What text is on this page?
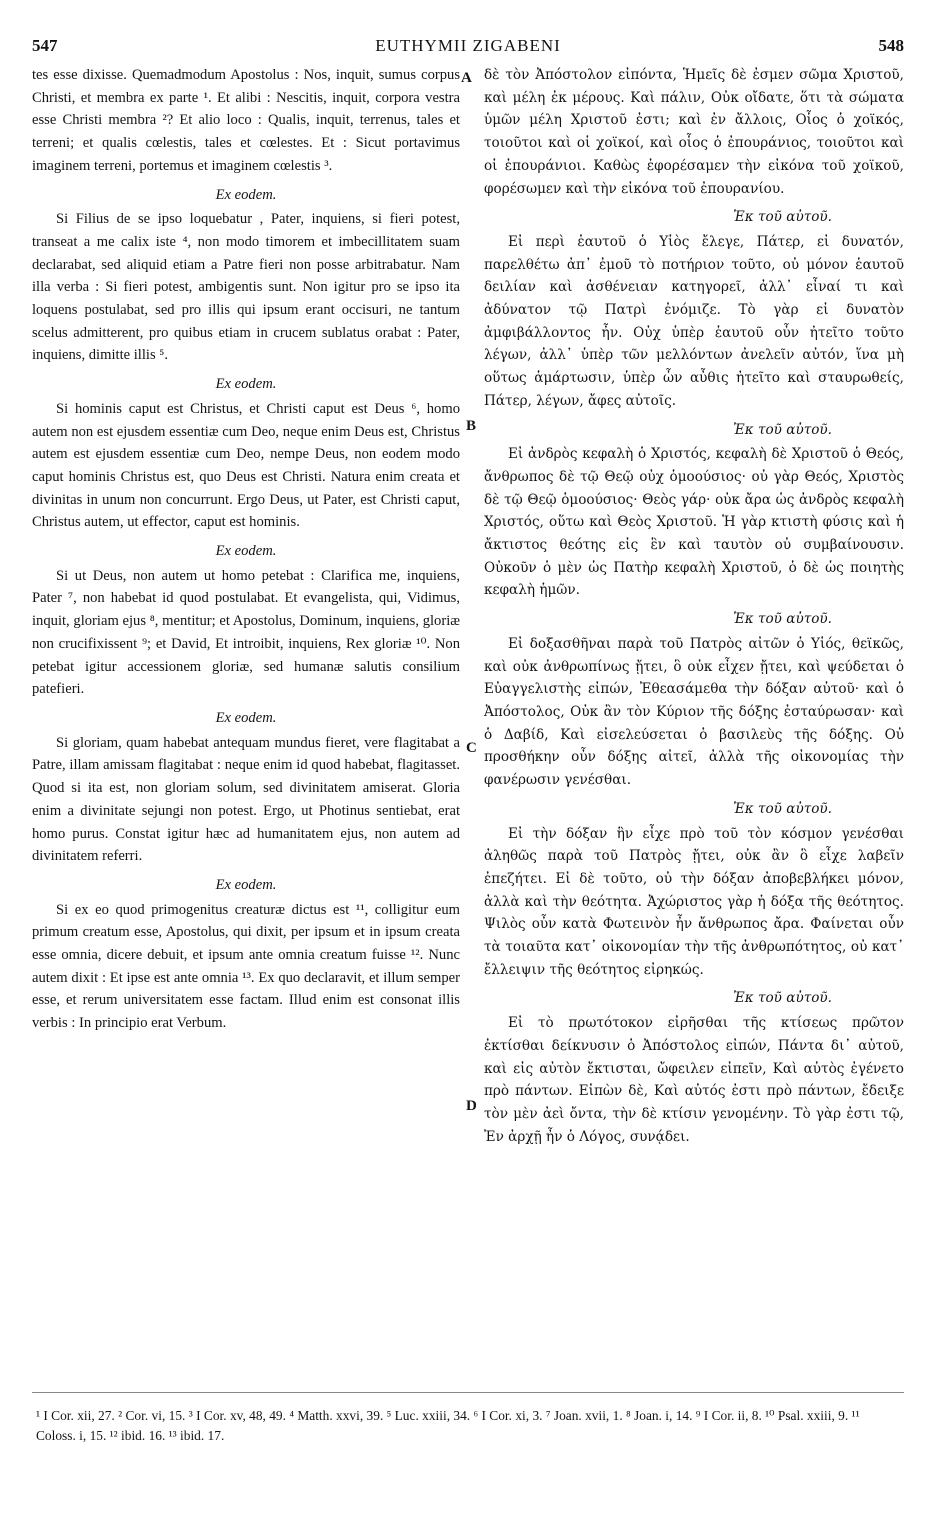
547	EUTHYMII ZIGABENI	548

tes esse dixisse. Quemadmodum Apostolus : Nos, inquit, sumus corpus Christi, et membra ex parte ¹. Et alibi : Nescitis, inquit, corpora vestra esse Christi membra ²? Et alio loco : Qualis, inquit, terrenus, tales et terreni; et qualis cœlestis, tales et cœlestes. Et : Sicut portavimus imaginem terreni, portemus et imaginem cœlestis ³.

Ex eodem.

Si Filius de se ipso loquebatur , Pater, inquiens, si fieri potest, transeat a me calix iste ⁴, non modo timorem et imbecillitatem suam declarabat, sed aliquid etiam a Patre fieri non posse arbitrabatur. Nam illa verba : Si fieri potest, ambigentis sunt. Non igitur pro se ipso ita loquens postulabat, sed pro illis qui ipsum erant occisuri, ne tantum scelus admitterent, pro quibus etiam in crucem sublatus orabat : Pater, inquiens, dimitte illis ⁵.

Ex eodem.

Si hominis caput est Christus, et Christi caput est Deus ⁶, homo autem non est ejusdem essentiæ cum Deo, neque enim Deus est, Christus autem est ejusdem essentiæ cum Deo, nempe Deus, non eodem modo caput hominis Christus est, quo Deus est Christi. Natura enim creata et divinitas in unum non concurrunt. Ergo Deus, ut Pater, est Christi caput, Christus autem, ut effector, caput est hominis.

Ex eodem.

Si ut Deus, non autem ut homo petebat : Clarifica me, inquiens, Pater ⁷, non habebat id quod postulabat. Et evangelista, qui, Vidimus, inquit, gloriam ejus ⁸, mentitur; et Apostolus, Dominum, inquiens, gloriæ non crucifixissent ⁹; et David, Et introibit, inquiens, Rex gloriæ ¹⁰. Non petebat igitur accessionem gloriæ, sed humanæ salutis consilium patefieri.

Ex eodem.

Si gloriam, quam habebat antequam mundus fieret, vere flagitabat a Patre, illam amissam flagitabat : neque enim id quod habebat, flagitasset. Quod si ita est, non gloriam solum, sed divinitatem amiserat. Gloria enim a divinitate sejungi non potest. Ergo, ut Photinus sentiebat, erat homo purus. Constat igitur hæc ad humanitatem ejus, non autem ad divinitatem referri.

Ex eodem.

Si ex eo quod primogenitus creaturæ dictus est ¹¹, colligitur eum primum creatum esse, Apostolus, qui dixit, per ipsum et in ipsum creata esse omnia, dicere debuit, et ipsum ante omnia creatum fuisse ¹². Nunc autem dixit : Et ipse est ante omnia ¹³. Ex quo declaravit, et illum semper esse, et rerum universitatem esse factam. Illud enim est consonat illis verbis : In principio erat Verbum.

δὲ τὸν Ἀπόστολον εἰπόντα, Ἡμεῖς δὲ ἐσμεν σῶμα Χριστοῦ, καὶ μέλη ἐκ μέρους. Καὶ πάλιν, Οὐκ οἴδατε, ὅτι τὰ σώματα ὑμῶν μέλη Χριστοῦ ἐστι; καὶ ἐν ἄλλοις, Οἷος ὁ χοϊκός, τοιοῦτοι καὶ οἱ χοϊκοί, καὶ οἷος ὁ ἐπουράνιος, τοιοῦτοι καὶ οἱ ἐπουράνιοι. Καθὼς ἐφορέσαμεν τὴν εἰκόνα τοῦ χοϊκοῦ, φορέσωμεν καὶ τὴν εἰκόνα τοῦ ἐπουρανίου.

Ἐκ τοῦ αὐτοῦ.

Εἰ περὶ ἑαυτοῦ ὁ Υἱὸς ἔλεγε, Πάτερ, εἰ δυνατόν, παρελθέτω ἀπ᾽ ἐμοῦ τὸ ποτήριον τοῦτο, οὐ μόνον ἑαυτοῦ δειλίαν καὶ ἀσθένειαν κατηγορεῖ, ἀλλ᾽ εἶναί τι καὶ ἀδύνατον τῷ Πατρὶ ἐνόμιζε. Τὸ γὰρ εἰ δυνατὸν ἀμφιβάλλοντος ἦν. Οὐχ ὑπὲρ ἑαυτοῦ οὖν ἠτεῖτο τοῦτο λέγων, ἀλλ᾽ ὑπὲρ τῶν μελλόντων ἀνελεῖν αὐτόν, ἵνα μὴ οὕτως ἁμάρτωσιν, ὑπὲρ ὧν αὖθις ἠτεῖτο καὶ σταυρωθείς, Πάτερ, λέγων, ἄφες αὐτοῖς.

Ἐκ τοῦ αὐτοῦ.

Εἰ ἀνδρὸς κεφαλὴ ὁ Χριστός, κεφαλὴ δὲ Χριστοῦ ὁ Θεός, ἄνθρωπος δὲ τῷ Θεῷ οὐχ ὁμοούσιος· οὐ γὰρ Θεός, Χριστὸς δὲ τῷ Θεῷ ὁμοούσιος· Θεὸς γάρ· οὐκ ἄρα ὡς ἀνδρὸς κεφαλὴ Χριστός, οὕτω καὶ Θεὸς Χριστοῦ. Ἡ γὰρ κτιστὴ φύσις καὶ ἡ ἄκτιστος θεότης εἰς ἓν καὶ ταυτὸν οὐ συμβαίνουσιν. Οὐκοῦν ὁ μὲν ὡς Πατὴρ κεφαλὴ Χριστοῦ, ὁ δὲ ὡς ποιητὴς κεφαλὴ ἡμῶν.

Ἐκ τοῦ αὐτοῦ.

Εἰ δοξασθῆναι παρὰ τοῦ Πατρὸς αἰτῶν ὁ Υἱός, θεϊκῶς, καὶ οὐκ ἀνθρωπίνως ᾔτει, ὃ οὐκ εἶχεν ᾔτει, καὶ ψεύδεται ὁ Εὐαγγελιστὴς εἰπών, Ἐθεασάμεθα τὴν δόξαν αὐτοῦ· καὶ ὁ Ἀπόστολος, Οὐκ ἂν τὸν Κύριον τῆς δόξης ἐσταύρωσαν· καὶ ὁ Δαβίδ, Καὶ εἰσελεύσεται ὁ βασιλεὺς τῆς δόξης. Οὐ προσθήκην οὖν δόξης αἰτεῖ, ἀλλὰ τῆς οἰκονομίας τὴν φανέρωσιν γενέσθαι.

Ἐκ τοῦ αὐτοῦ.

Εἰ τὴν δόξαν ἣν εἶχε πρὸ τοῦ τὸν κόσμον γενέσθαι ἀληθῶς παρὰ τοῦ Πατρὸς ᾔτει, οὐκ ἂν ὃ εἶχε λαβεῖν ἐπεζήτει. Εἰ δὲ τοῦτο, οὐ τὴν δόξαν ἀποβεβλήκει μόνον, ἀλλὰ καὶ τὴν θεότητα. Ἀχώριστος γὰρ ἡ δόξα τῆς θεότητος. Ψιλὸς οὖν κατὰ Φωτεινὸν ἦν ἄνθρωπος ἄρα. Φαίνεται οὖν τὰ τοιαῦτα κατ᾽ οἰκονομίαν τὴν τῆς ἀνθρωπότητος, οὐ κατ᾽ ἔλλειψιν τῆς θεότητος εἰρηκώς.

Ἐκ τοῦ αὐτοῦ.

Εἰ τὸ πρωτότοκον εἰρῆσθαι τῆς κτίσεως πρῶτον ἐκτίσθαι δείκνυσιν ὁ Ἀπόστολος εἰπών, Πάντα δι᾽ αὐτοῦ, καὶ εἰς αὐτὸν ἔκτισται, ὤφειλεν εἰπεῖν, Καὶ αὐτὸς ἐγένετο πρὸ πάντων. Εἰπὼν δὲ, Καὶ αὐτός ἐστι πρὸ πάντων, ἔδειξε τὸν μὲν ἀεὶ ὄντα, τὴν δὲ κτίσιν γενομένην. Τὸ γὰρ ἐστι τῷ, Ἐν ἀρχῇ ἦν ὁ Λόγος, συνᾴδει.

A
B
C
D
¹ I Cor. xii, 27. ² Cor. vi, 15. ³ I Cor. xv, 48, 49. ⁴ Matth. xxvi, 39. ⁵ Luc. xxiii, 34. ⁶ I Cor. xi, 3. ⁷ Joan. xvii, 1. ⁸ Joan. i, 14. ⁹ I Cor. ii, 8. ¹⁰ Psal. xxiii, 9. ¹¹ Coloss. i, 15. ¹² ibid. 16. ¹³ ibid. 17.
